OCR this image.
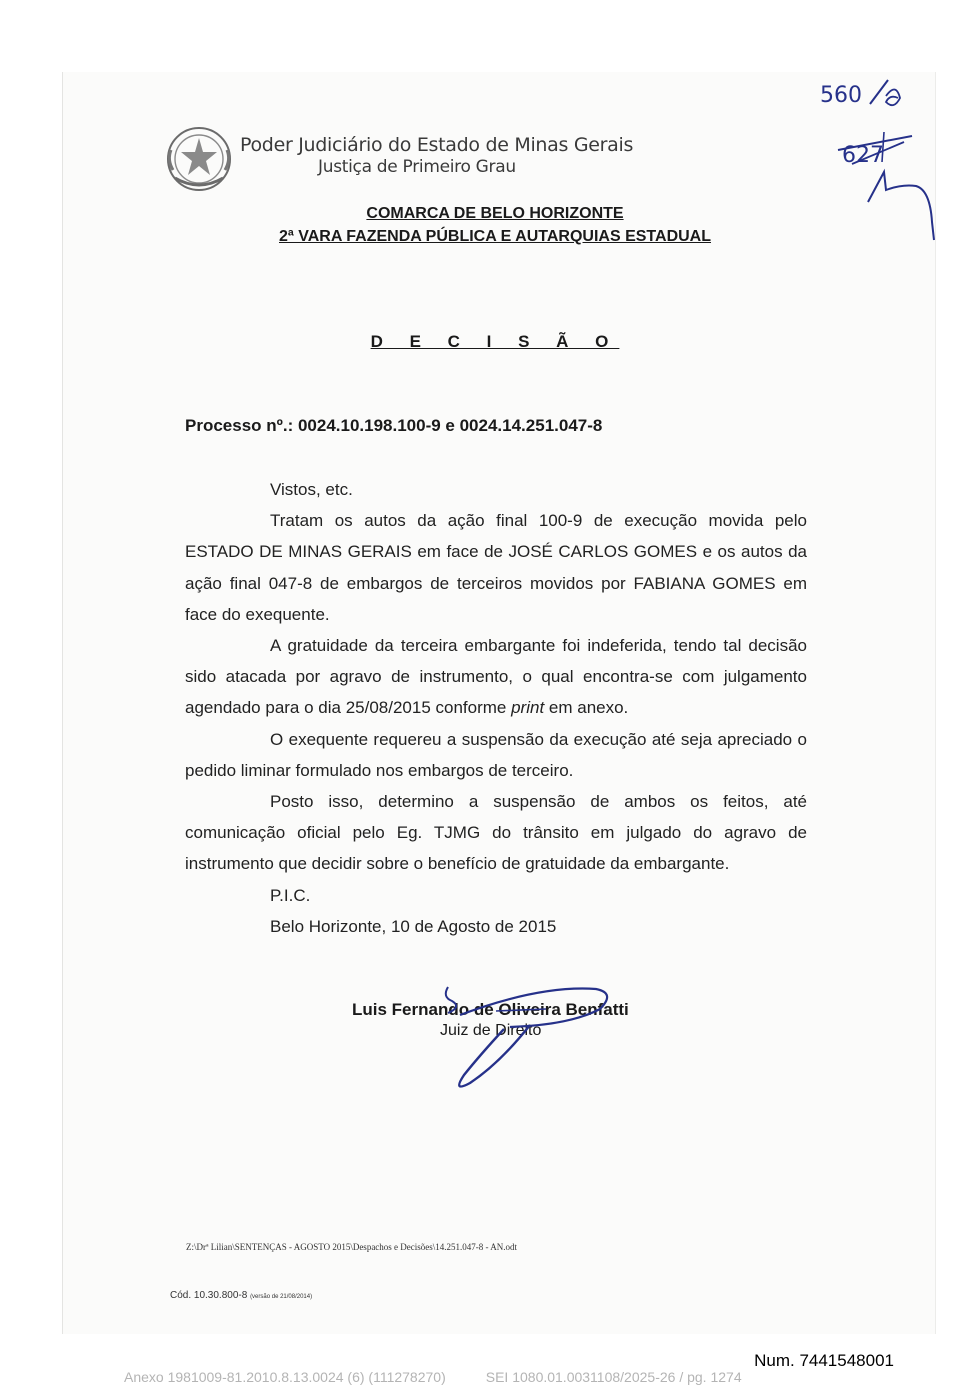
Poder Judiciário do Estado de Minas Gerais
Justiça de Primeiro Grau
COMARCA DE BELO HORIZONTE
2ª VARA FAZENDA PÚBLICA E AUTARQUIAS ESTADUAL
560
627
D E C I S Ã O
Processo nº.: 0024.10.198.100-9 e 0024.14.251.047-8

Vistos, etc.

Tratam os autos da ação final 100-9 de execução movida pelo ESTADO DE MINAS GERAIS em face de JOSÉ CARLOS GOMES e os autos da ação final 047-8 de embargos de terceiros movidos por FABIANA GOMES em face do exequente.

A gratuidade da terceira embargante foi indeferida, tendo tal decisão sido atacada por agravo de instrumento, o qual encontra-se com julgamento agendado para o dia 25/08/2015 conforme print em anexo.

O exequente requereu a suspensão da execução até seja apreciado o pedido liminar formulado nos embargos de terceiro.

Posto isso, determino a suspensão de ambos os feitos, até comunicação oficial pelo Eg. TJMG do trânsito em julgado do agravo de instrumento que decidir sobre o benefício de gratuidade da embargante.

P.I.C.

Belo Horizonte, 10 de Agosto de 2015

Luis Fernando de Oliveira Benfatti
Juiz de Direito
Z:\Drª Lilian\SENTENÇAS - AGOSTO 2015\Despachos e Decisões\14.251.047-8 - AN.odt
Cód. 10.30.800-8 (versão de 21/08/2014)
Num. 7441548001
Anexo 1981009-81.2010.8.13.0024 (6) (111278270)	SEI 1080.01.0031108/2025-26 / pg. 1274
